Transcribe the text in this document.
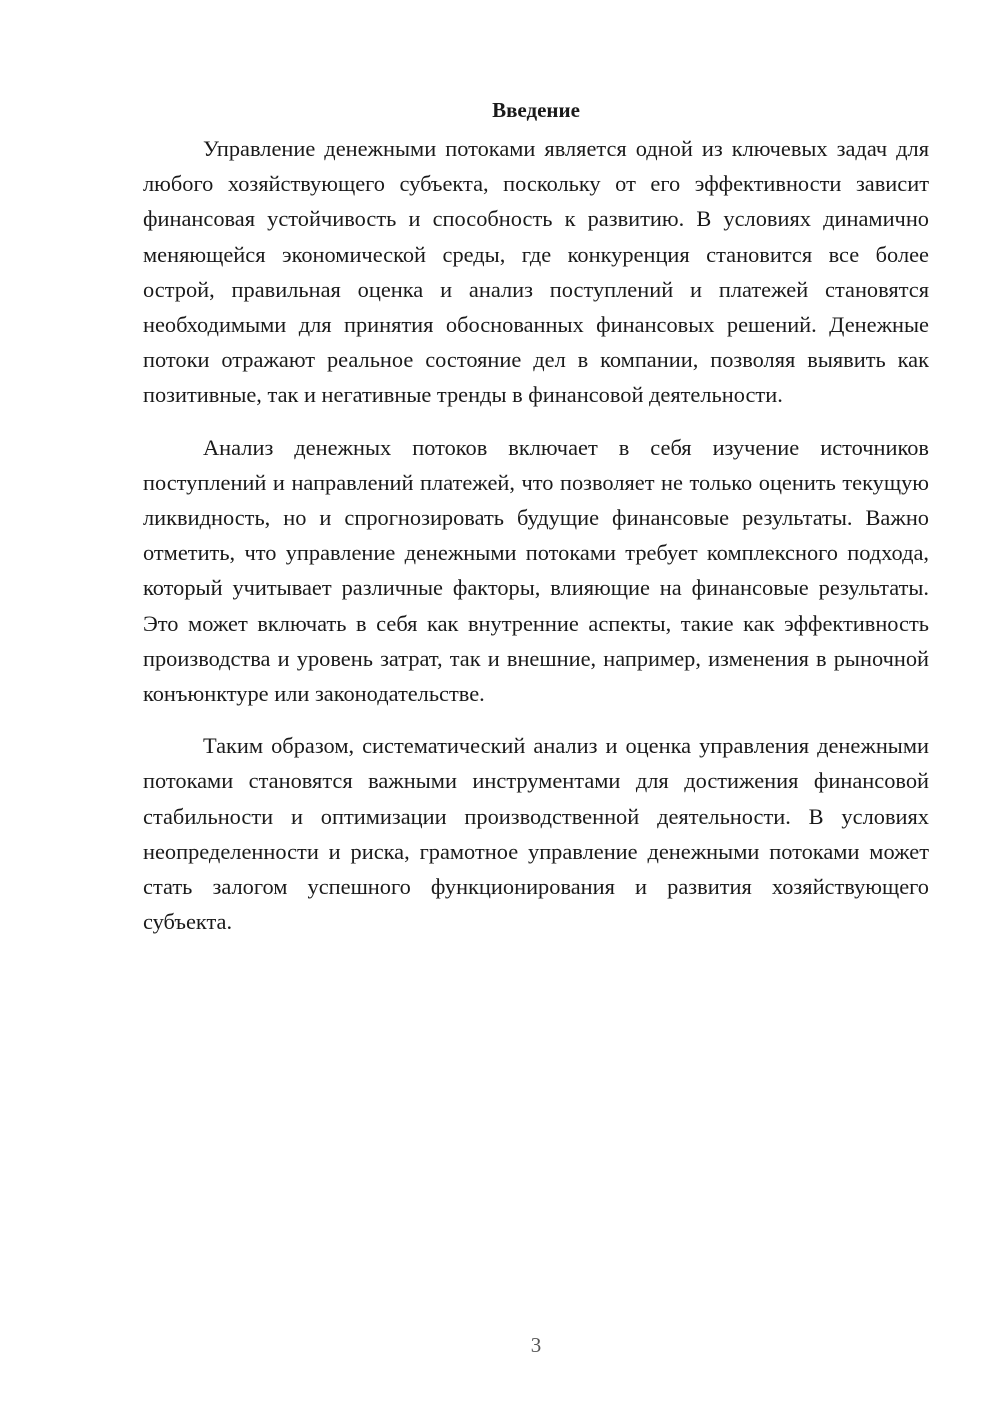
Введение

Управление денежными потоками является одной из ключевых задач для любого хозяйствующего субъекта, поскольку от его эффективности зависит финансовая устойчивость и способность к развитию. В условиях динамично меняющейся экономической среды, где конкуренция становится все более острой, правильная оценка и анализ поступлений и платежей становятся необходимыми для принятия обоснованных финансовых решений. Денежные потоки отражают реальное состояние дел в компании, позволяя выявить как позитивные, так и негативные тренды в финансовой деятельности.

Анализ денежных потоков включает в себя изучение источников поступлений и направлений платежей, что позволяет не только оценить текущую ликвидность, но и спрогнозировать будущие финансовые результаты. Важно отметить, что управление денежными потоками требует комплексного подхода, который учитывает различные факторы, влияющие на финансовые результаты. Это может включать в себя как внутренние аспекты, такие как эффективность производства и уровень затрат, так и внешние, например, изменения в рыночной конъюнктуре или законодательстве.

Таким образом, систематический анализ и оценка управления денежными потоками становятся важными инструментами для достижения финансовой стабильности и оптимизации производственной деятельности. В условиях неопределенности и риска, грамотное управление денежными потоками может стать залогом успешного функционирования и развития хозяйствующего субъекта.

3
